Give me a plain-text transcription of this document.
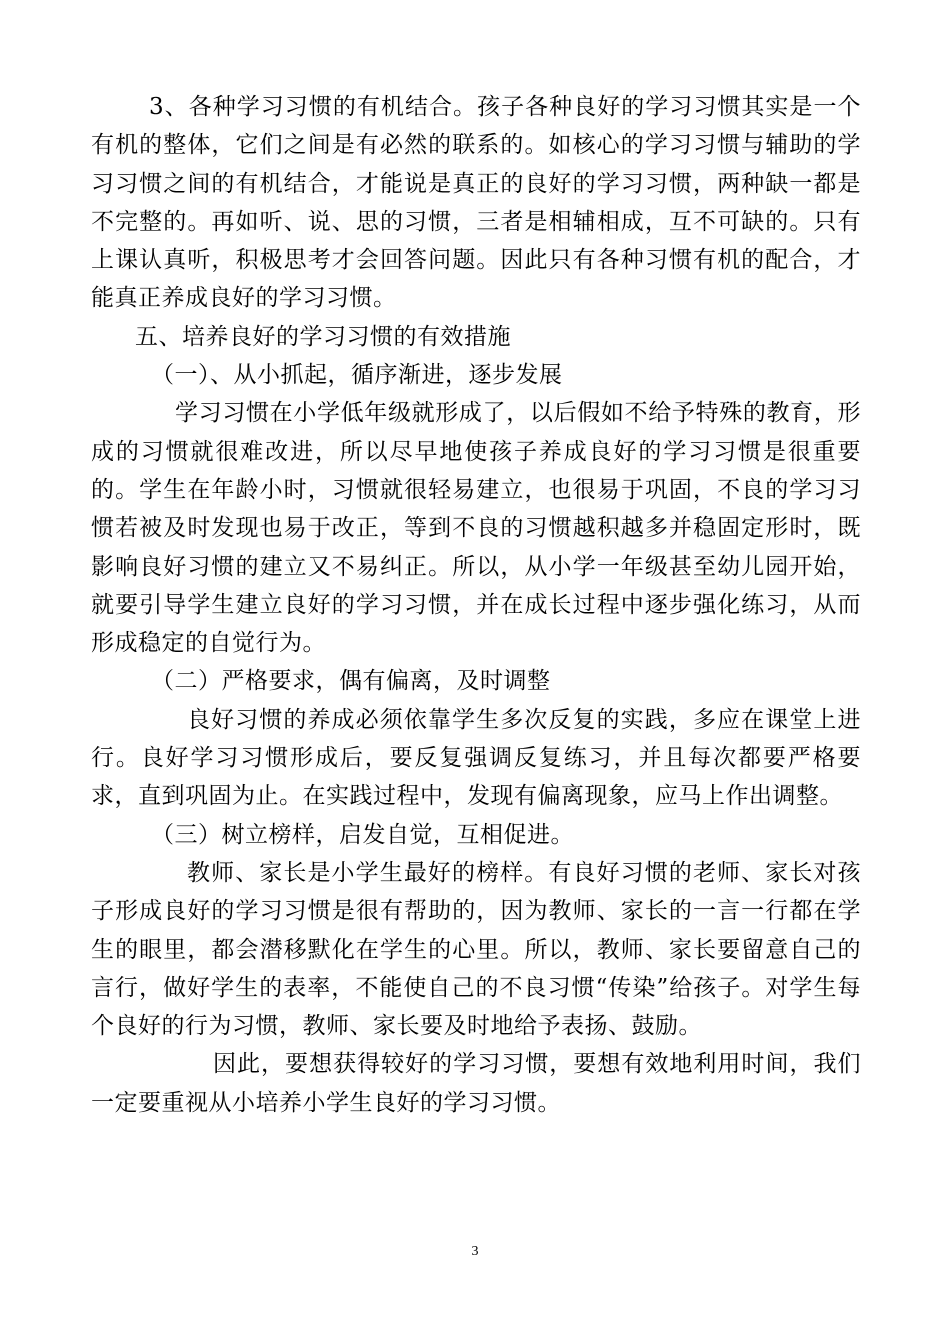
3、各种学习习惯的有机结合。孩子各种良好的学习习惯其实是一个有机的整体，它们之间是有必然的联系的。如核心的学习习惯与辅助的学习习惯之间的有机结合，才能说是真正的良好的学习习惯，两种缺一都是不完整的。再如听、说、思的习惯，三者是相辅相成，互不可缺的。只有上课认真听，积极思考才会回答问题。因此只有各种习惯有机的配合，才能真正养成良好的学习习惯。

五、培养良好的学习习惯的有效措施

（一）、从小抓起，循序渐进，逐步发展

学习习惯在小学低年级就形成了，以后假如不给予特殊的教育，形成的习惯就很难改进，所以尽早地使孩子养成良好的学习习惯是很重要的。学生在年龄小时，习惯就很轻易建立，也很易于巩固，不良的学习习惯若被及时发现也易于改正，等到不良的习惯越积越多并稳固定形时，既影响良好习惯的建立又不易纠正。所以，从小学一年级甚至幼儿园开始，就要引导学生建立良好的学习习惯，并在成长过程中逐步强化练习，从而形成稳定的自觉行为。

（二）严格要求，偶有偏离，及时调整

良好习惯的养成必须依靠学生多次反复的实践，多应在课堂上进行。良好学习习惯形成后，要反复强调反复练习，并且每次都要严格要求，直到巩固为止。在实践过程中，发现有偏离现象，应马上作出调整。

（三）树立榜样，启发自觉，互相促进。

教师、家长是小学生最好的榜样。有良好习惯的老师、家长对孩子形成良好的学习习惯是很有帮助的，因为教师、家长的一言一行都在学生的眼里，都会潜移默化在学生的心里。所以，教师、家长要留意自己的言行，做好学生的表率，不能使自己的不良习惯“传染”给孩子。对学生每个良好的行为习惯，教师、家长要及时地给予表扬、鼓励。

因此，要想获得较好的学习习惯，要想有效地利用时间，我们一定要重视从小培养小学生良好的学习习惯。

3
